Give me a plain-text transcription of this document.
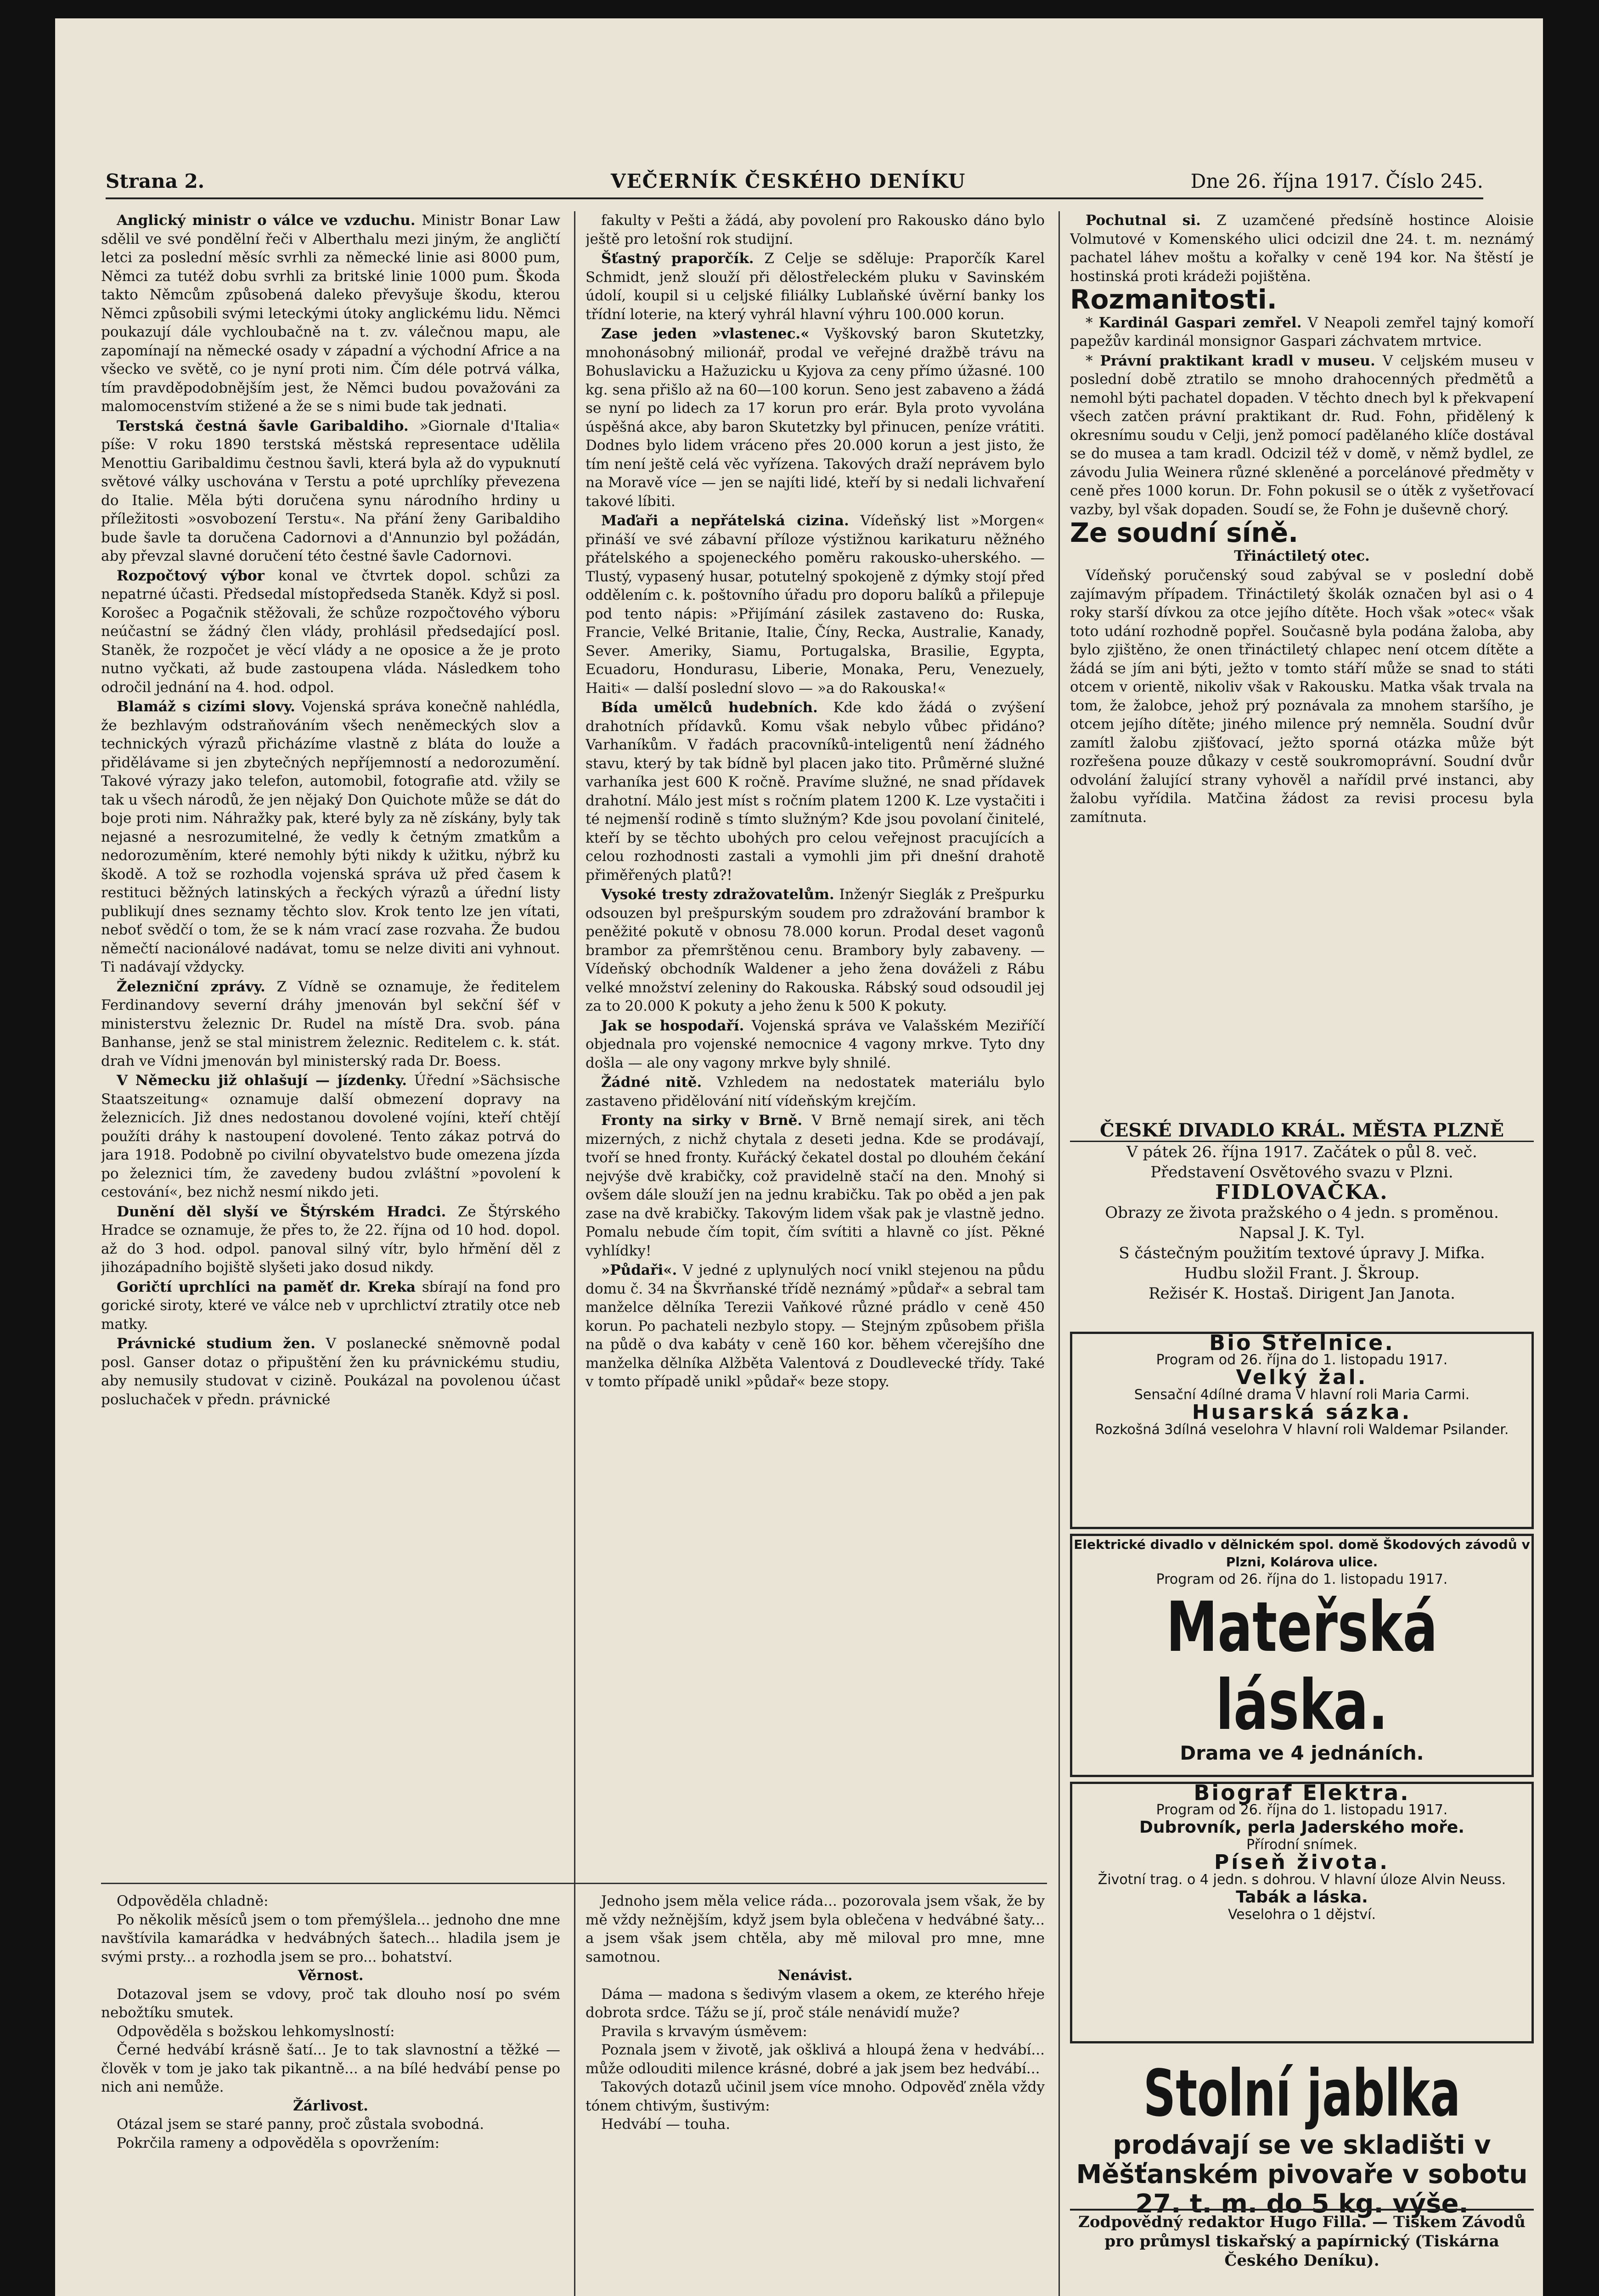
Strana 2.	VEČERNÍK ČESKÉHO DENÍKU	Dne 26. října 1917. Číslo 245.

Anglický ministr o válce ve vzduchu. Ministr Bonar Law sdělil ve své pondělní řeči v Alberthalu mezi jiným, že angličtí letci za poslední měsíc svrhli za německé linie asi 8000 pum, Němci za tutéž dobu svrhli za britské linie 1000 pum. Škoda takto Němcům způsobená daleko převyšuje škodu, kterou Němci způsobili svými leteckými útoky anglickému lidu. Němci poukazují dále vychloubačně na t. zv. válečnou mapu, ale zapomínají na německé osady v západní a východní Africe a na všecko ve světě, co je nyní proti nim. Čím déle potrvá válka, tím pravděpodobnějším jest, že Němci budou považováni za malomocenstvím stižené a že se s nimi bude tak jednati.

Terstská čestná šavle Garibaldiho. »Giornale d'Italia« píše: V roku 1890 terstská městská representace udělila Menottiu Garibaldimu čestnou šavli, která byla až do vypuknutí světové války uschována v Terstu a poté uprchlíky převezena do Italie. Měla býti doručena synu národního hrdiny u příležitosti »osvobození Terstu«. Na přání ženy Garibaldiho bude šavle ta doručena Cadornovi a d'Annunzio byl požádán, aby převzal slavné doručení této čestné šavle Cadornovi.

Rozpočtový výbor konal ve čtvrtek dopol. schůzi za nepatrné účasti. Předsedal místopředseda Staněk. Když si posl. Korošec a Pogačnik stěžovali, že schůze rozpočtového výboru neúčastní se žádný člen vlády, prohlásil předsedající posl. Staněk, že rozpočet je věcí vlády a ne oposice a že je proto nutno vyčkati, až bude zastoupena vláda. Následkem toho odročil jednání na 4. hod. odpol.

Blamáž s cizími slovy. Vojenská správa konečně nahlédla, že bezhlavým odstraňováním všech neněmeckých slov a technických výrazů přicházíme vlastně z bláta do louže a přidělávame si jen zbytečných nepříjemností a nedorozumění. Takové výrazy jako telefon, automobil, fotografie atd. vžily se tak u všech národů, že jen nějaký Don Quichote může se dát do boje proti nim. Náhražky pak, které byly za ně získány, byly tak nejasné a nesrozumitelné, že vedly k četným zmatkům a nedorozuměním, které nemohly býti nikdy k užitku, nýbrž ku škodě. A tož se rozhodla vojenská správa už před časem k restituci běžných latinských a řeckých výrazů a úřední listy publikují dnes seznamy těchto slov. Krok tento lze jen vítati, neboť svědčí o tom, že se k nám vrací zase rozvaha. Že budou němečtí nacionálové nadávat, tomu se nelze diviti ani vyhnout. Ti nadávají vždycky.

Železniční zprávy. Z Vídně se oznamuje, že ředitelem Ferdinandovy severní dráhy jmenován byl sekční šéf v ministerstvu železnic Dr. Rudel na místě Dra. svob. pána Banhanse, jenž se stal ministrem železnic. Reditelem c. k. stát. drah ve Vídni jmenován byl ministerský rada Dr. Boess.

V Německu již ohlašují — jízdenky. Úřední »Sächsische Staatszeitung« oznamuje další obmezení dopravy na železnicích. Již dnes nedostanou dovolené vojíni, kteří chtějí použíti dráhy k nastoupení dovolené. Tento zákaz potrvá do jara 1918. Podobně po civilní obyvatelstvo bude omezena jízda po železnici tím, že zavedeny budou zvláštní »povolení k cestování«, bez nichž nesmí nikdo jeti.

Dunění děl slyší ve Štýrském Hradci. Ze Štýrského Hradce se oznamuje, že přes to, že 22. října od 10 hod. dopol. až do 3 hod. odpol. panoval silný vítr, bylo hřmění děl z jihozápadního bojiště slyšeti jako dosud nikdy.

Goričtí uprchlíci na paměť dr. Kreka sbírají na fond pro gorické siroty, které ve válce neb v uprchlictví ztratily otce neb matky.

Právnické studium žen. V poslanecké sněmovně podal posl. Ganser dotaz o připuštění žen ku právnickému studiu, aby nemusily studovat v cizině. Poukázal na povolenou účast posluchaček v předn. právnické

fakulty v Pešti a žádá, aby povolení pro Rakousko dáno bylo ještě pro letošní rok studijní.

Šťastný praporčík. Z Celje se sděluje: Praporčík Karel Schmidt, jenž slouží při dělostřeleckém pluku v Savinském údolí, koupil si u celjské filiálky Lublaňské úvěrní banky los třídní loterie, na který vyhrál hlavní výhru 100.000 korun.

Zase jeden »vlastenec.« Vyškovský baron Skutetzky, mnohonásobný milionář, prodal ve veřejné dražbě trávu na Bohuslavicku a Hažuzicku u Kyjova za ceny přímo úžasné. 100 kg. sena přišlo až na 60—100 korun. Seno jest zabaveno a žádá se nyní po lidech za 17 korun pro erár. Byla proto vyvolána úspěšná akce, aby baron Skutetzky byl přinucen, peníze vrátiti. Dodnes bylo lidem vráceno přes 20.000 korun a jest jisto, že tím není ještě celá věc vyřízena. Takových draží neprávem bylo na Moravě více — jen se najíti lidé, kteří by si nedali lichvaření takové líbiti.

Maďaři a nepřátelská cizina. Vídeňský list »Morgen« přináší ve své zábavní příloze výstižnou karikaturu něžného přátelského a spojeneckého poměru rakousko-uherského. — Tlustý, vypasený husar, potutelný spokojeně z dýmky stojí před oddělením c. k. poštovního úřadu pro doporu balíků a přilepuje pod tento nápis: »Přijímání zásilek zastaveno do: Ruska, Francie, Velké Britanie, Italie, Číny, Recka, Australie, Kanady, Sever. Ameriky, Siamu, Portugalska, Brasilie, Egypta, Ecuadoru, Hondurasu, Liberie, Monaka, Peru, Venezuely, Haiti« — další poslední slovo — »a do Rakouska!«

Bída umělců hudebních. Kde kdo žádá o zvýšení drahotních přídavků. Komu však nebylo vůbec přidáno? Varhaníkům. V řadách pracovníků-inteligentů není žádného stavu, který by tak bídně byl placen jako tito. Průměrné služné varhaníka jest 600 K ročně. Pravíme služné, ne snad přídavek drahotní. Málo jest míst s ročním platem 1200 K. Lze vystačiti i té nejmenší rodině s tímto služným? Kde jsou povolaní činitelé, kteří by se těchto ubohých pro celou veřejnost pracujících a celou rozhodnosti zastali a vymohli jim při dnešní drahotě přiměřených platů?!

Vysoké tresty zdražovatelům. Inženýr Sieglák z Prešpurku odsouzen byl prešpurským soudem pro zdražování brambor k peněžité pokutě v obnosu 78.000 korun. Prodal deset vagonů brambor za přemrštěnou cenu. Brambory byly zabaveny. — Vídeňský obchodník Waldener a jeho žena dováželi z Rábu velké množství zeleniny do Rakouska. Rábský soud odsoudil jej za to 20.000 K pokuty a jeho ženu k 500 K pokuty.

Jak se hospodaří. Vojenská správa ve Valašském Meziříčí objednala pro vojenské nemocnice 4 vagony mrkve. Tyto dny došla — ale ony vagony mrkve byly shnilé.

Žádné nitě. Vzhledem na nedostatek materiálu bylo zastaveno přidělování nití vídeňským krejčím.

Fronty na sirky v Brně. V Brně nemají sirek, ani těch mizerných, z nichž chytala z deseti jedna. Kde se prodávají, tvoří se hned fronty. Kuřácký čekatel dostal po dlouhém čekání nejvýše dvě krabičky, což pravidelně stačí na den. Mnohý si ovšem dále slouží jen na jednu krabičku. Tak po oběd a jen pak zase na dvě krabičky. Takovým lidem však pak je vlastně jedno. Pomalu nebude čím topit, čím svítiti a hlavně co jíst. Pěkné vyhlídky!

»Půdaři«. V jedné z uplynulých nocí vnikl stejenou na půdu domu č. 34 na Škvrňanské třídě neznámý »půdař« a sebral tam manželce dělníka Terezii Vaňkové různé prádlo v ceně 450 korun. Po pachateli nezbylo stopy. — Stejným způsobem přišla na půdě o dva kabáty v ceně 160 kor. během včerejšího dne manželka dělníka Alžběta Valentová z Doudlevecké třídy. Také v tomto případě unikl »půdař« beze stopy.

Pochutnal si. Z uzamčené předsíně hostince Aloisie Volmutové v Komenského ulici odcizil dne 24. t. m. neznámý pachatel láhev moštu a kořalky v ceně 194 kor. Na štěstí je hostinská proti krádeži pojištěna.

Rozmanitosti.

* Kardinál Gaspari zemřel. V Neapoli zemřel tajný komoří papežův kardinál monsignor Gaspari záchvatem mrtvice.

* Právní praktikant kradl v museu. V celjském museu v poslední době ztratilo se mnoho drahocenných předmětů a nemohl býti pachatel dopaden. V těchto dnech byl k překvapení všech zatčen právní praktikant dr. Rud. Fohn, přidělený k okresnímu soudu v Celji, jenž pomocí padělaného klíče dostával se do musea a tam kradl. Odcizil též v domě, v němž bydlel, ze závodu Julia Weinera různé skleněné a porcelánové předměty v ceně přes 1000 korun. Dr. Fohn pokusil se o útěk z vyšetřovací vazby, byl však dopaden. Soudí se, že Fohn je duševně chorý.

Ze soudní síně.

Třináctiletý otec.

Vídeňský poručenský soud zabýval se v poslední době zajímavým případem. Třináctiletý školák označen byl asi o 4 roky starší dívkou za otce jejího dítěte. Hoch však »otec« však toto udání rozhodně popřel. Současně byla podána žaloba, aby bylo zjištěno, že onen třináctiletý chlapec není otcem dítěte a žádá se jím ani býti, ježto v tomto stáří může se snad to státi otcem v orientě, nikoliv však v Rakousku. Matka však trvala na tom, že žalobce, jehož prý poznávala za mnohem staršího, je otcem jejího dítěte; jiného milence prý nemněla. Soudní dvůr zamítl žalobu zjišťovací, ježto sporná otázka může být rozřešena pouze důkazy v cestě soukromoprávní. Soudní dvůr odvolání žalující strany vyhověl a nařídil prvé instanci, aby žalobu vyřídila. Matčina žádost za revisi procesu byla zamítnuta.

ČESKÉ DIVADLO KRÁL. MĚSTA PLZNĚ
V pátek 26. října 1917. Začátek o půl 8. več.
Představení Osvětového svazu v Plzni.
FIDLOVAČKA.
Obrazy ze života pražského o 4 jedn. s proměnou.
Napsal J. K. Tyl.
S částečným použitím textové úpravy J. Mifka.
Hudbu složil Frant. J. Škroup.
Režisér K. Hostaš. Dirigent Jan Janota.
Bio Střelnice.
Program od 26. října do 1. listopadu 1917.
Velký žal.
Sensační 4dílné drama V hlavní roli Maria Carmi.
Husarská sázka.
Rozkošná 3dílná veselohra V hlavní roli Waldemar Psilander.
Elektrické divadlo v dělnickém spol. domě Škodových závodů v Plzni, Kolárova ulice.
Program od 26. října do 1. listopadu 1917.
Mateřská láska.
Drama ve 4 jednáních.
Biograf Elektra.
Program od 26. října do 1. listopadu 1917.
Dubrovník, perla Jaderského moře.
Přírodní snímek.
Píseň života.
Životní trag. o 4 jedn. s dohrou. V hlavní úloze Alvin Neuss.
Tabák a láska.
Veselohra o 1 dějství.
Stolní jablka
prodávají se ve skladišti v Měšťanském pivovaře v sobotu 27. t. m. do 5 kg. výše.
Zodpovědný redaktor Hugo Filla. — Tiskem Závodů pro průmysl tiskařský a papírnický (Tiskárna Českého Deníku).

Odpověděla chladně:

Po několik měsíců jsem o tom přemýšlela... jednoho dne mne navštívila kamarádka v hedvábných šatech... hladila jsem je svými prsty... a rozhodla jsem se pro... bohatství.

Věrnost.

Dotazoval jsem se vdovy, proč tak dlouho nosí po svém nebožtíku smutek.

Odpověděla s božskou lehkomyslností:

Černé hedvábí krásně šatí... Je to tak slavnostní a těžké — člověk v tom je jako tak pikantně... a na bílé hedvábí pense po nich ani nemůže.

Žárlivost.

Otázal jsem se staré panny, proč zůstala svobodná.

Pokrčila rameny a odpověděla s opovržením:

Jednoho jsem měla velice ráda... pozorovala jsem však, že by mě vždy nežnějším, když jsem byla oblečena v hedvábné šaty... a jsem však jsem chtěla, aby mě miloval pro mne, mne samotnou.

Nenávist.

Dáma — madona s šedivým vlasem a okem, ze kterého hřeje dobrota srdce. Tážu se jí, proč stále nenávidí muže?

Pravila s krvavým úsměvem:

Poznala jsem v životě, jak ošklivá a hloupá žena v hedvábí... může odlouditi milence krásné, dobré a jak jsem bez hedvábí...

Takových dotazů učinil jsem více mnoho. Odpověď zněla vždy tónem chtivým, šustivým:

Hedvábí — touha.
